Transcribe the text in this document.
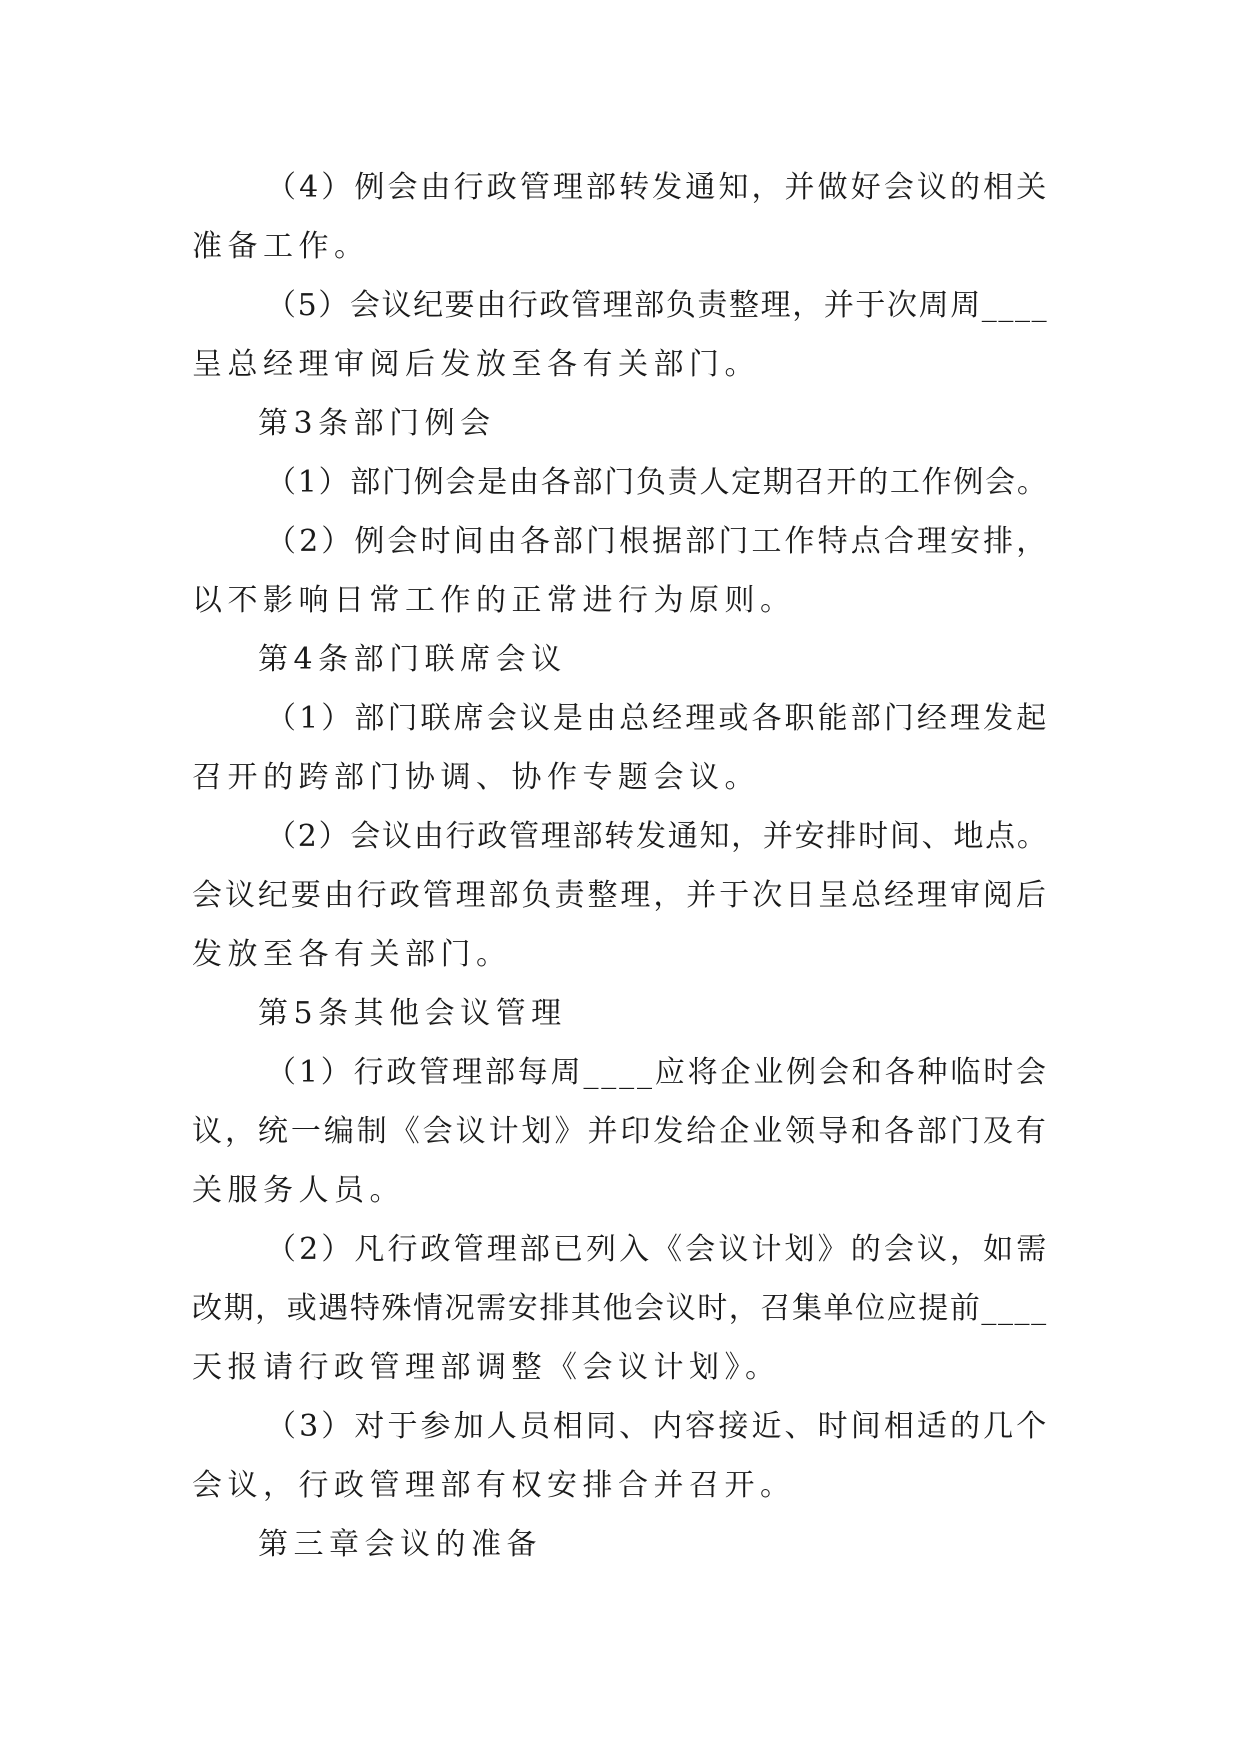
（4）例会由行政管理部转发通知，并做好会议的相关
准备工作。
（5）会议纪要由行政管理部负责整理，并于次周周____
呈总经理审阅后发放至各有关部门。
第3条部门例会
（1）部门例会是由各部门负责人定期召开的工作例会。
（2）例会时间由各部门根据部门工作特点合理安排，
以不影响日常工作的正常进行为原则。
第4条部门联席会议
（1）部门联席会议是由总经理或各职能部门经理发起
召开的跨部门协调、协作专题会议。
（2）会议由行政管理部转发通知，并安排时间、地点。
会议纪要由行政管理部负责整理，并于次日呈总经理审阅后
发放至各有关部门。
第5条其他会议管理
（1）行政管理部每周____应将企业例会和各种临时会
议，统一编制《会议计划》并印发给企业领导和各部门及有
关服务人员。
（2）凡行政管理部已列入《会议计划》的会议，如需
改期，或遇特殊情况需安排其他会议时，召集单位应提前____
天报请行政管理部调整《会议计划》。
（3）对于参加人员相同、内容接近、时间相适的几个
会议，行政管理部有权安排合并召开。
第三章会议的准备
